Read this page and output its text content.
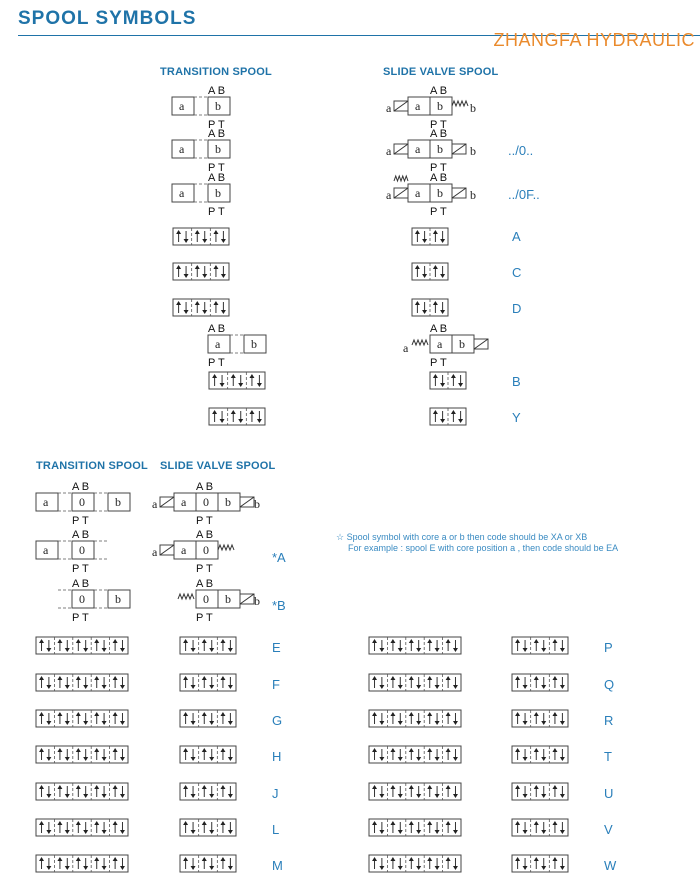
SPOOL SYMBOLS
ZHANGFA HYDRAULIC
TRANSITION SPOOL	SLIDE VALVE SPOOL
TRANSITION SPOOL SLIDE VALVE SPOOL
../0..
../0F..
A
C
D
B
Y
*A
*B
☆ Spool symbol with core a or b then code should be XA or XB
For example : spool E with core position a , then code should be EA
E
F
G
H
J
L
M
P
Q
R
T
U
V
W
a	b
A B
P T
a	b
A B
P T
a	b
A B
P T
a a b b
A B
P T
a a b b
A B
P T
a a b b
A B
P T
a	b
A B
P T
a a b
A B
P T
a	0	b
A B
P T
a	0
A B
P T
0	b
A B
P T
a a 0 b b
A B
P T
a a 0
A B
P T
0 b b
A B
P T
